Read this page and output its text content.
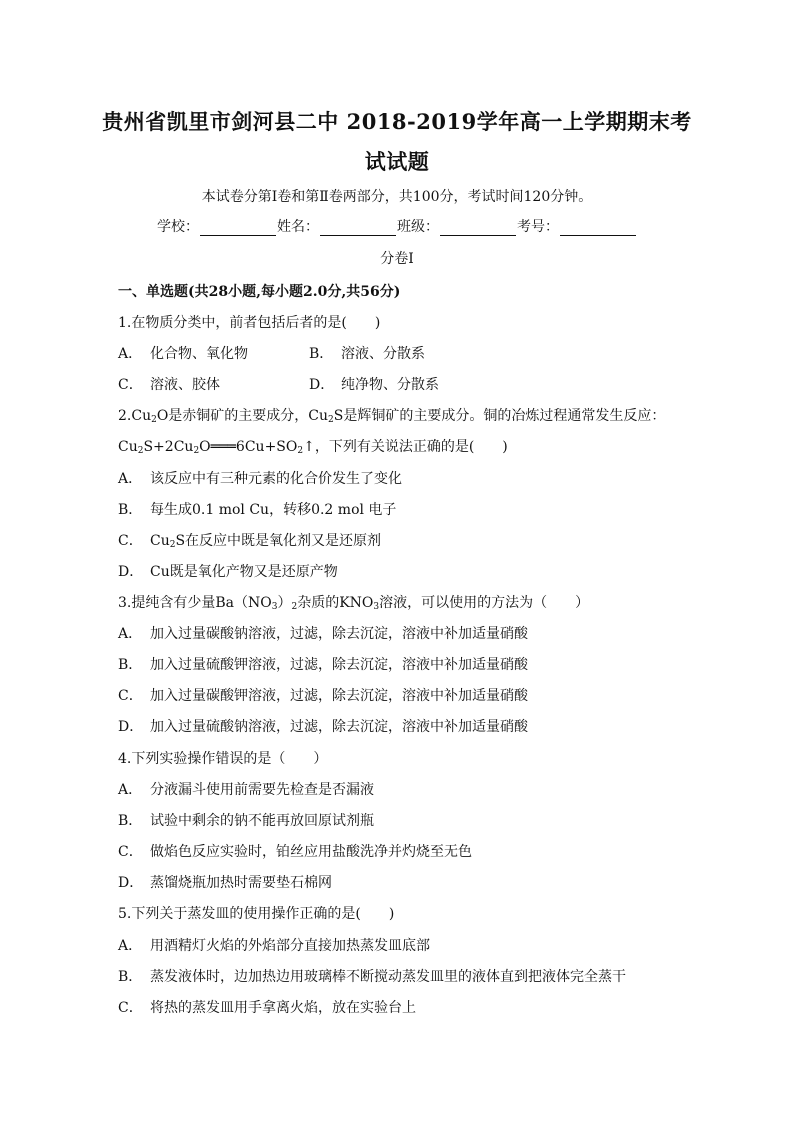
贵州省凯里市剑河县二中 2018-2019学年高一上学期期末考
试试题
本试卷分第Ⅰ卷和第Ⅱ卷两部分，共100分，考试时间120分钟。
学校：	姓名：	班级：	考号：
分卷I
一、单选题(共28小题,每小题2.0分,共56分)
1.在物质分类中，前者包括后者的是(　　)
A． 化合物、氧化物	B． 溶液、分散系
C． 溶液、胶体	D． 纯净物、分散系
$2.Cu_2O$是赤铜矿的主要成分，$Cu_2S$是辉铜矿的主要成分。铜的冶炼过程通常发生反应：
$Cu_2S+2Cu_2O═══6Cu+SO_2↑$，下列有关说法正确的是(　　)
A． 该反应中有三种元素的化合价发生了变化
B． 每生成0.1 mol Cu，转移0.2 mol 电子
C． $Cu_2S$在反应中既是氧化剂又是还原剂
D． Cu既是氧化产物又是还原产物
3.提纯含有少量$Ba(NO_3)_2$杂质的$KNO_3$溶液，可以使用的方法为（　　）
A． 加入过量碳酸钠溶液，过滤，除去沉淀，溶液中补加适量硝酸
B． 加入过量硫酸钾溶液，过滤，除去沉淀，溶液中补加适量硝酸
C． 加入过量碳酸钾溶液，过滤，除去沉淀，溶液中补加适量硝酸
D． 加入过量硫酸钠溶液，过滤，除去沉淀，溶液中补加适量硝酸
4.下列实验操作错误的是（　　）
A． 分液漏斗使用前需要先检查是否漏液
B． 试验中剩余的钠不能再放回原试剂瓶
C． 做焰色反应实验时，铂丝应用盐酸洗净并灼烧至无色
D． 蒸馏烧瓶加热时需要垫石棉网
5.下列关于蒸发皿的使用操作正确的是(　　)
A． 用酒精灯火焰的外焰部分直接加热蒸发皿底部
B． 蒸发液体时，边加热边用玻璃棒不断搅动蒸发皿里的液体直到把液体完全蒸干
C． 将热的蒸发皿用手拿离火焰，放在实验台上
